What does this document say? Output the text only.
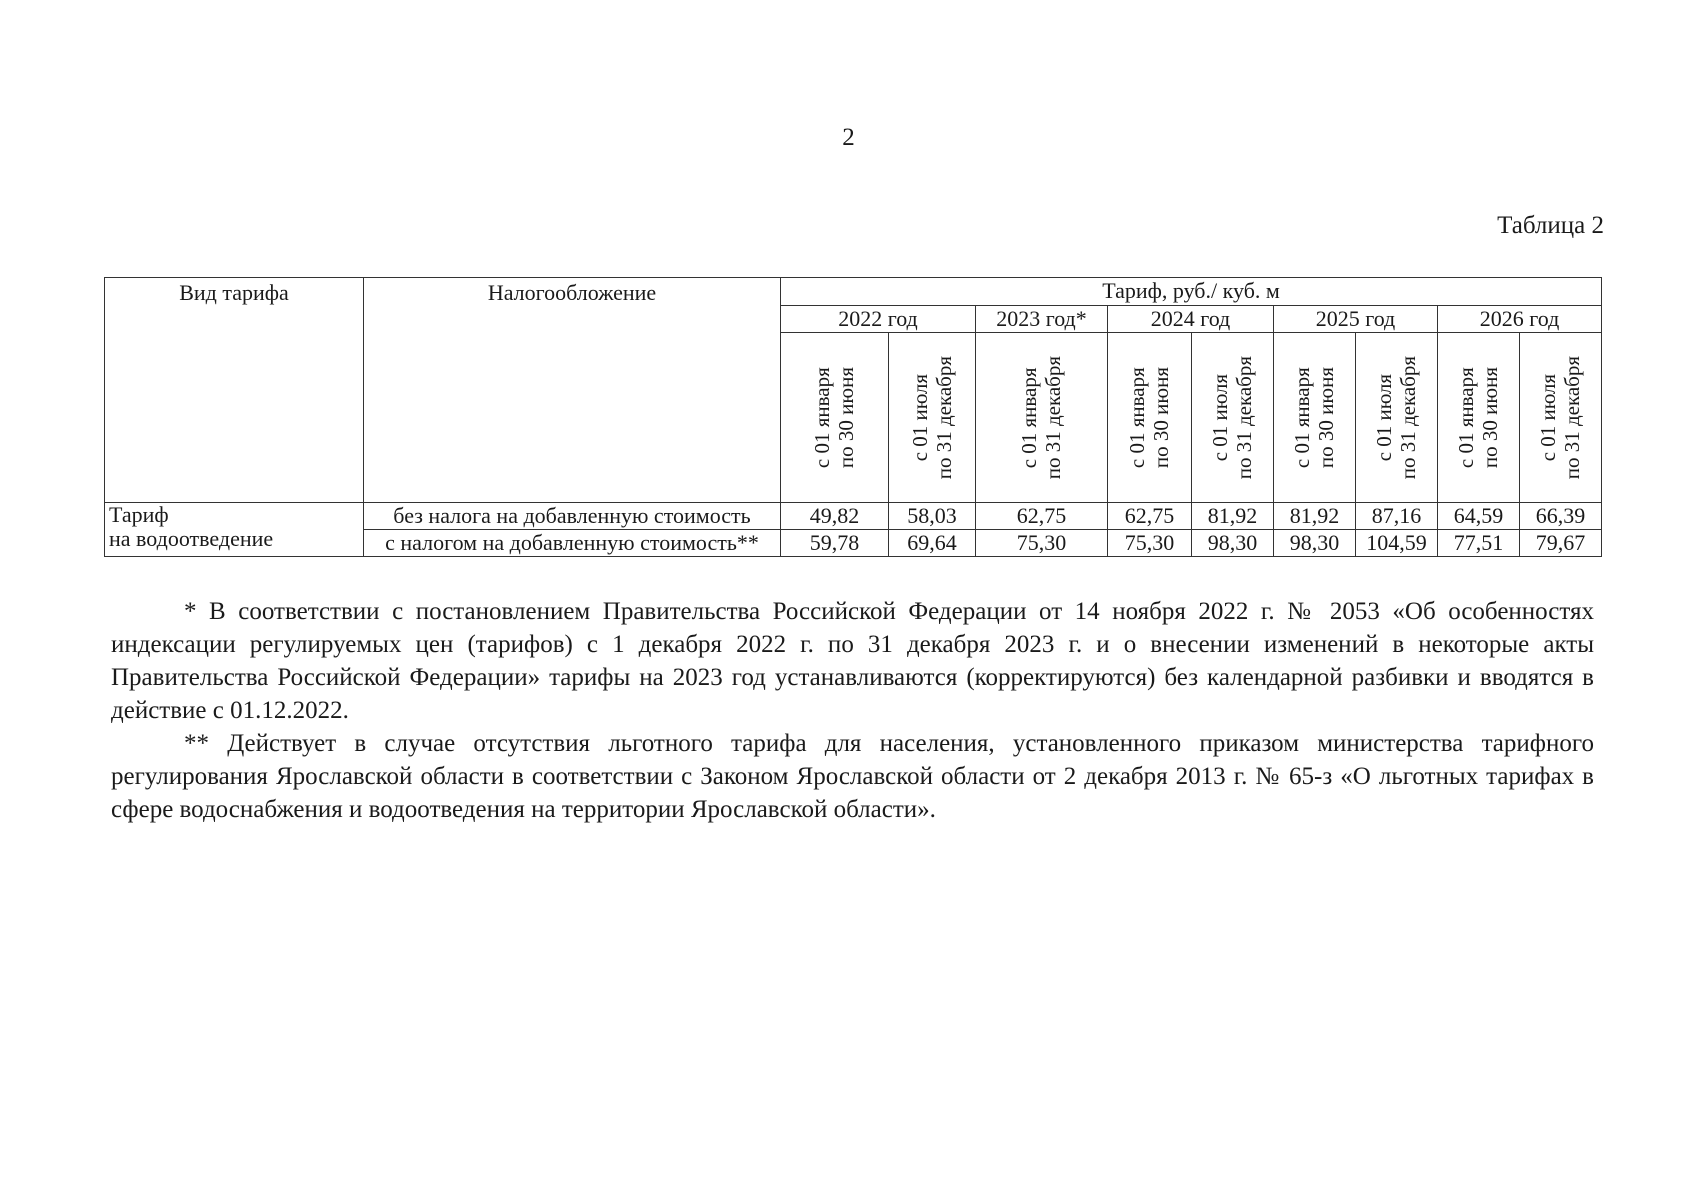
2
Таблица 2
Вид тарифа	Налогообложение	Тариф, руб./ куб. м								
		2022 год		2023 год*	2024 год		2025 год		2026 год	

		с 01 января по 30 июня	с 01 июля по 31 декабря	с 01 января по 31 декабря	с 01 января по 30 июня	с 01 июля по 31 декабря	с 01 января по 30 июня	с 01 июля по 31 декабря	с 01 января по 30 июня	с 01 июля по 31 декабря

Тариф
на водоотведение	без налога на добавленную стоимость	49,82	58,03	62,75	62,75	81,92	81,92	87,16	64,59	66,39
	с налогом на добавленную стоимость**	59,78	69,64	75,30	75,30	98,30	98,30	104,59	77,51	79,67

* В соответствии с постановлением Правительства Российской Федерации от 14 ноября 2022 г. № 2053 «Об особенностях индексации регулируемых цен (тарифов) с 1 декабря 2022 г. по 31 декабря 2023 г. и о внесении изменений в некоторые акты Правительства Российской Федерации» тарифы на 2023 год устанавливаются (корректируются) без календарной разбивки и вводятся в действие с 01.12.2022.

** Действует в случае отсутствия льготного тарифа для населения, установленного приказом министерства тарифного регулирования Ярославской области в соответствии с Законом Ярославской области от 2 декабря 2013 г. № 65-з «О льготных тарифах в сфере водоснабжения и водоотведения на территории Ярославской области».
